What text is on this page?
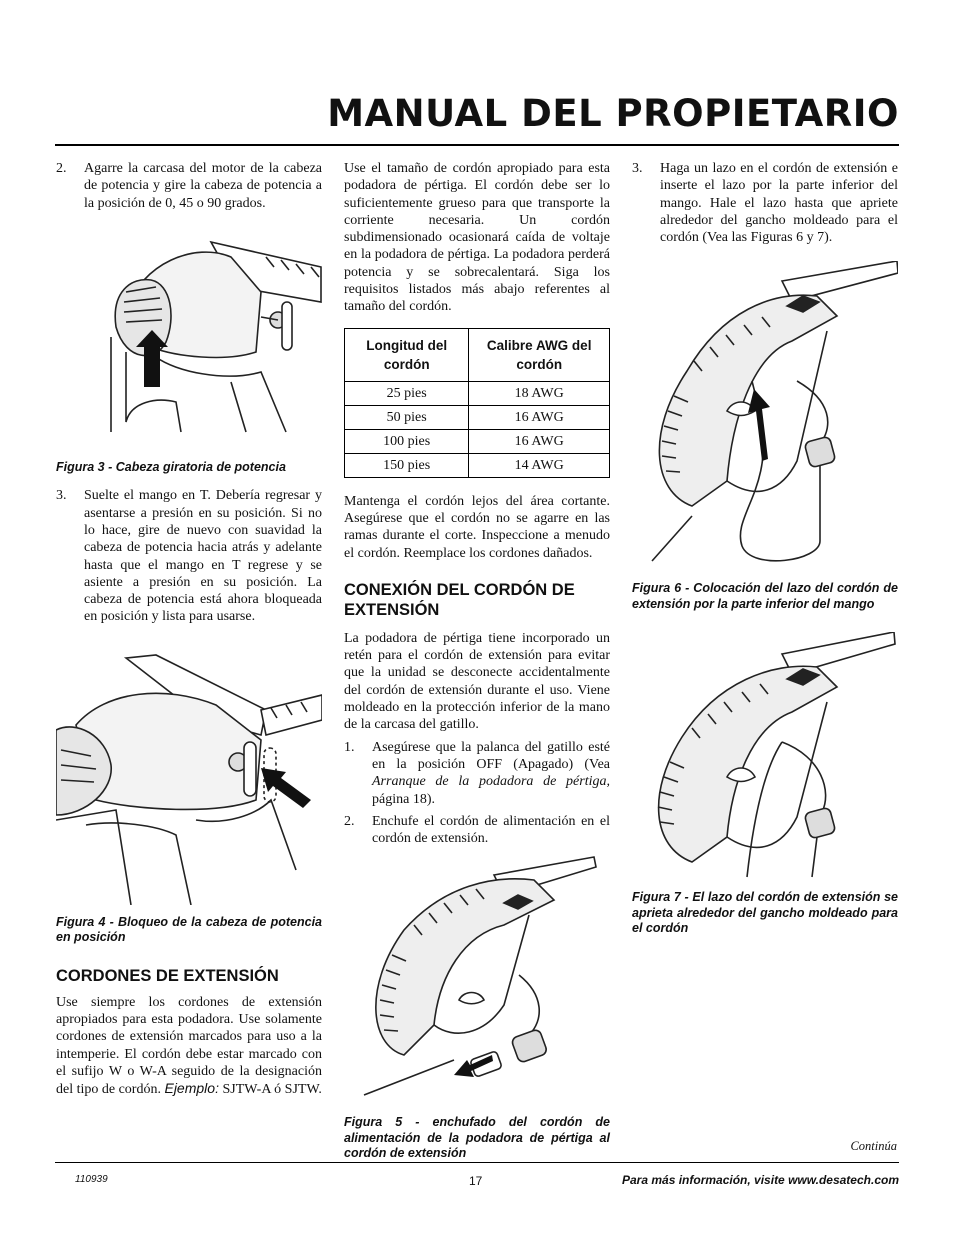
MANUAL DEL PROPIETARIO
2. Agarre la carcasa del motor de la cabeza de potencia y gire la cabeza de potencia a la posición de 0, 45 o 90 grados.

Figura 3 - Cabeza giratoria de potencia

3. Suelte el mango en T. Debería regresar y asentarse a presión en su posición. Si no lo hace, gire de nuevo con suavidad la cabeza de potencia hacia atrás y adelante hasta que el mango en T regrese y se asiente a presión en su posición. La cabeza de potencia está ahora bloqueada en posición y lista para usarse.

Figura 4 - Bloqueo de la cabeza de potencia en posición

CORDONES DE EXTENSIÓN

Use siempre los cordones de extensión apropiados para esta podadora. Use solamente cordones de extensión marcados para uso a la intemperie. El cordón debe estar marcado con el sufijo W o W-A seguido de la designación del tipo de cordón. Ejemplo: SJTW-A ó SJTW.

Use el tamaño de cordón apropiado para esta podadora de pértiga. El cordón debe ser lo suficientemente grueso para que transporte la corriente necesaria. Un cordón subdimensionado ocasionará caída de voltaje en la podadora de pértiga. La podadora perderá potencia y se sobrecalentará. Siga los requisitos listados más abajo referentes al tamaño del cordón.

Longitud del cordón	Calibre AWG del cordón
25 pies	18 AWG
50 pies	16 AWG
100 pies	16 AWG
150 pies	14 AWG

Mantenga el cordón lejos del área cortante. Asegúrese que el cordón no se agarre en las ramas durante el corte. Inspeccione a menudo el cordón. Reemplace los cordones dañados.

CONEXIÓN DEL CORDÓN DE EXTENSIÓN

La podadora de pértiga tiene incorporado un retén para el cordón de extensión para evitar que la unidad se desconecte accidentalmente del cordón de extensión durante el uso. Viene moldeado en la protección inferior de la mano de la carcasa del gatillo.

1. Asegúrese que la palanca del gatillo esté en la posición OFF (Apagado) (Vea Arranque de la podadora de pértiga, página 18).
2. Enchufe el cordón de alimentación en el cordón de extensión.

Figura 5 - enchufado del cordón de alimentación de la podadora de pértiga al cordón de extensión

3. Haga un lazo en el cordón de extensión e inserte el lazo por la parte inferior del mango. Hale el lazo hasta que apriete alrededor del gancho moldeado para el cordón (Vea las Figuras 6 y 7).

Figura 6 - Colocación del lazo del cordón de extensión por la parte inferior del mango

Figura 7 - El lazo del cordón de extensión se aprieta alrededor del gancho moldeado para el cordón

Continúa

110939	17	Para más información, visite www.desatech.com
